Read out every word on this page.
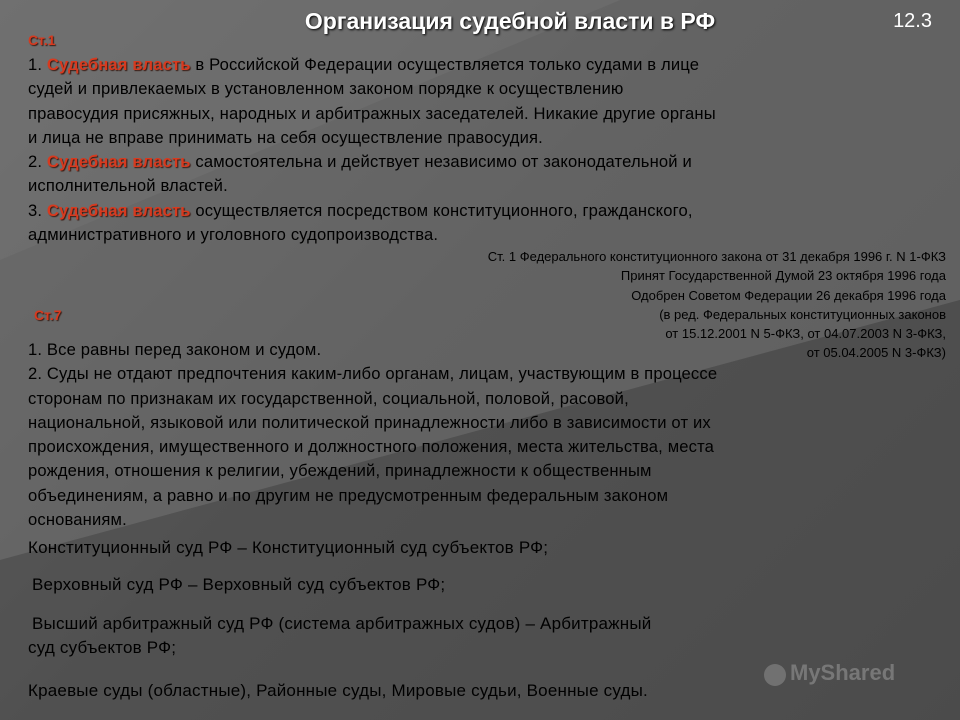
Организация судебной власти в РФ	12.3
Ст.1
1. Судебная власть в Российской Федерации осуществляется только судами в лице
судей и привлекаемых в установленном законом порядке к осуществлению
правосудия присяжных, народных и арбитражных заседателей. Никакие другие органы
и лица не вправе принимать на себя осуществление правосудия.
2. Судебная власть самостоятельна и действует независимо от законодательной и
исполнительной властей.
3. Судебная власть осуществляется посредством конституционного, гражданского,
административного и уголовного судопроизводства.
Ст. 1 Федерального конституционного закона от 31 декабря 1996 г. N 1-ФКЗ
Принят Государственной Думой 23 октября 1996 года
Одобрен Советом Федерации 26 декабря 1996 года
(в ред. Федеральных конституционных законов
от 15.12.2001 N 5-ФКЗ, от 04.07.2003 N 3-ФКЗ,
от 05.04.2005 N 3-ФКЗ)
Ст.7
1. Все равны перед законом и судом.
2. Суды не отдают предпочтения каким-либо органам, лицам, участвующим в процессе
сторонам по признакам их государственной, социальной, половой, расовой,
национальной, языковой или политической принадлежности либо в зависимости от их
происхождения, имущественного и должностного положения, места жительства, места
рождения, отношения к религии, убеждений, принадлежности к общественным
объединениям, а равно и по другим не предусмотренным федеральным законом
основаниям.
Конституционный суд РФ – Конституционный суд субъектов РФ;
Верховный суд РФ – Верховный суд субъектов РФ;
Высший арбитражный суд РФ (система арбитражных судов) – Арбитражный
суд субъектов РФ;
Краевые суды (областные), Районные суды, Мировые судьи, Военные суды.
MyShared
